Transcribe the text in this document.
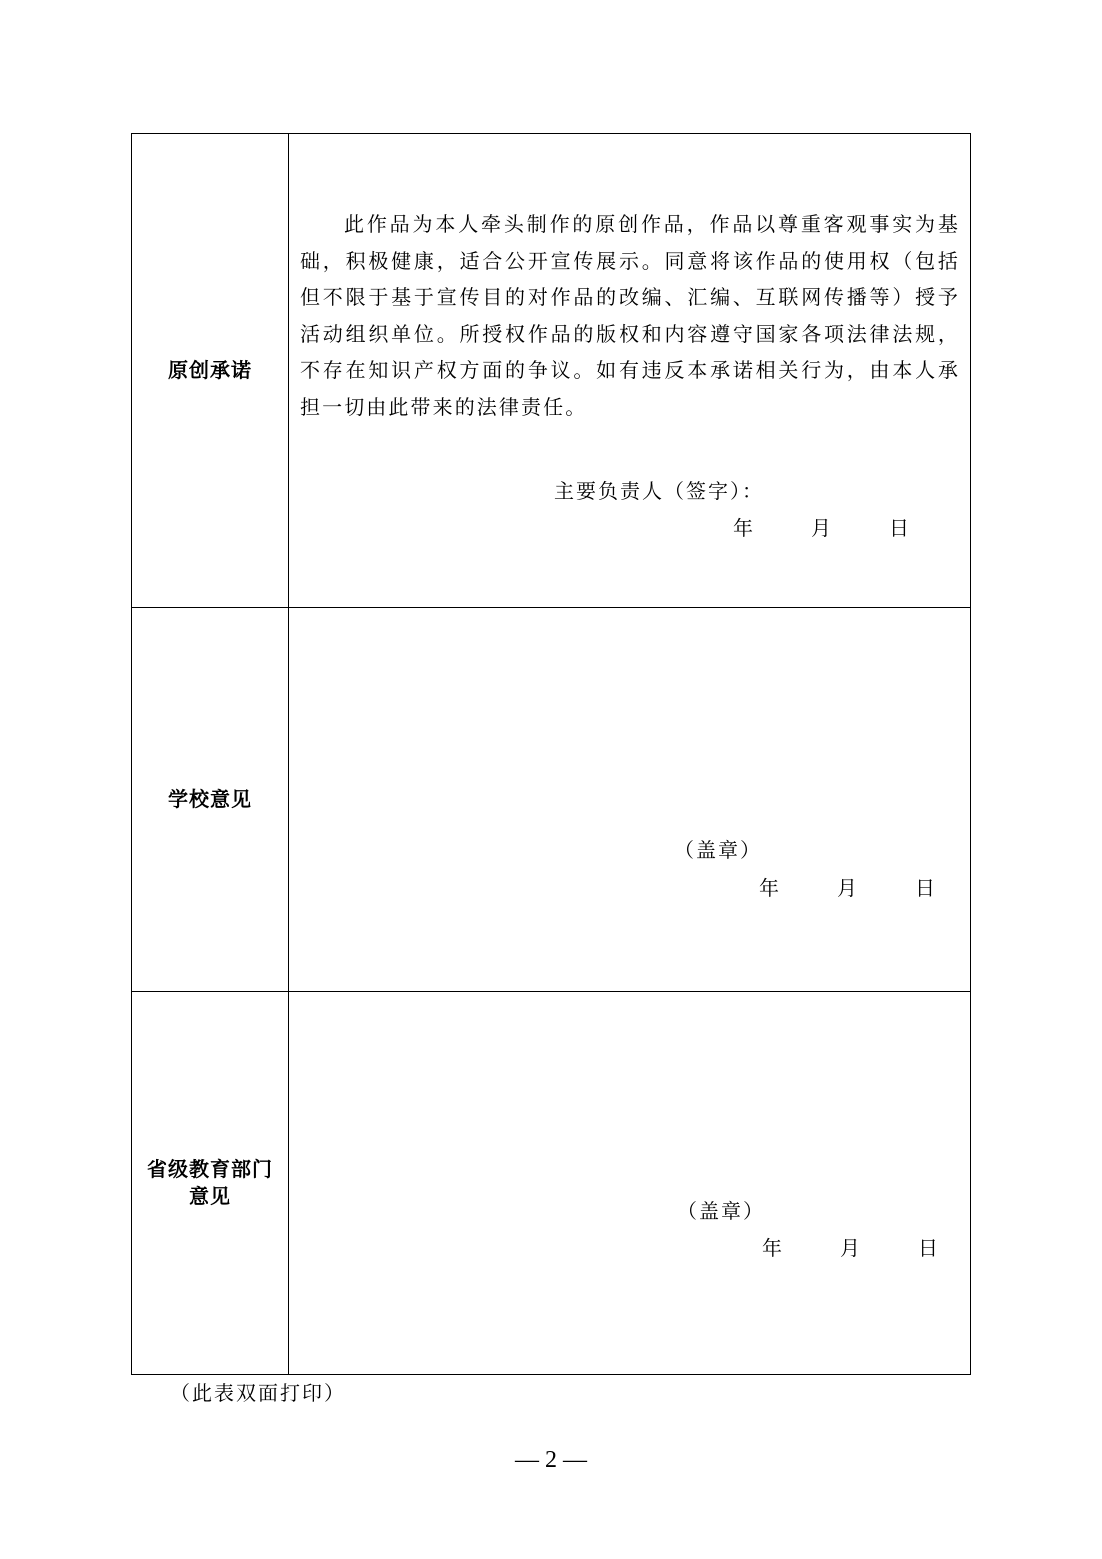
原创承诺

此作品为本人牵头制作的原创作品，作品以尊重客观事实为基础，积极健康，适合公开宣传展示。同意将该作品的使用权（包括但不限于基于宣传目的对作品的改编、汇编、互联网传播等）授予活动组织单位。所授权作品的版权和内容遵守国家各项法律法规，不存在知识产权方面的争议。如有违反本承诺相关行为，由本人承担一切由此带来的法律责任。

主要负责人（签字）：
年	月	日
学校意见
（盖章）
年	月	日
省级教育部门
意见
（盖章）
年	月	日
（此表双面打印）
— 2 —
